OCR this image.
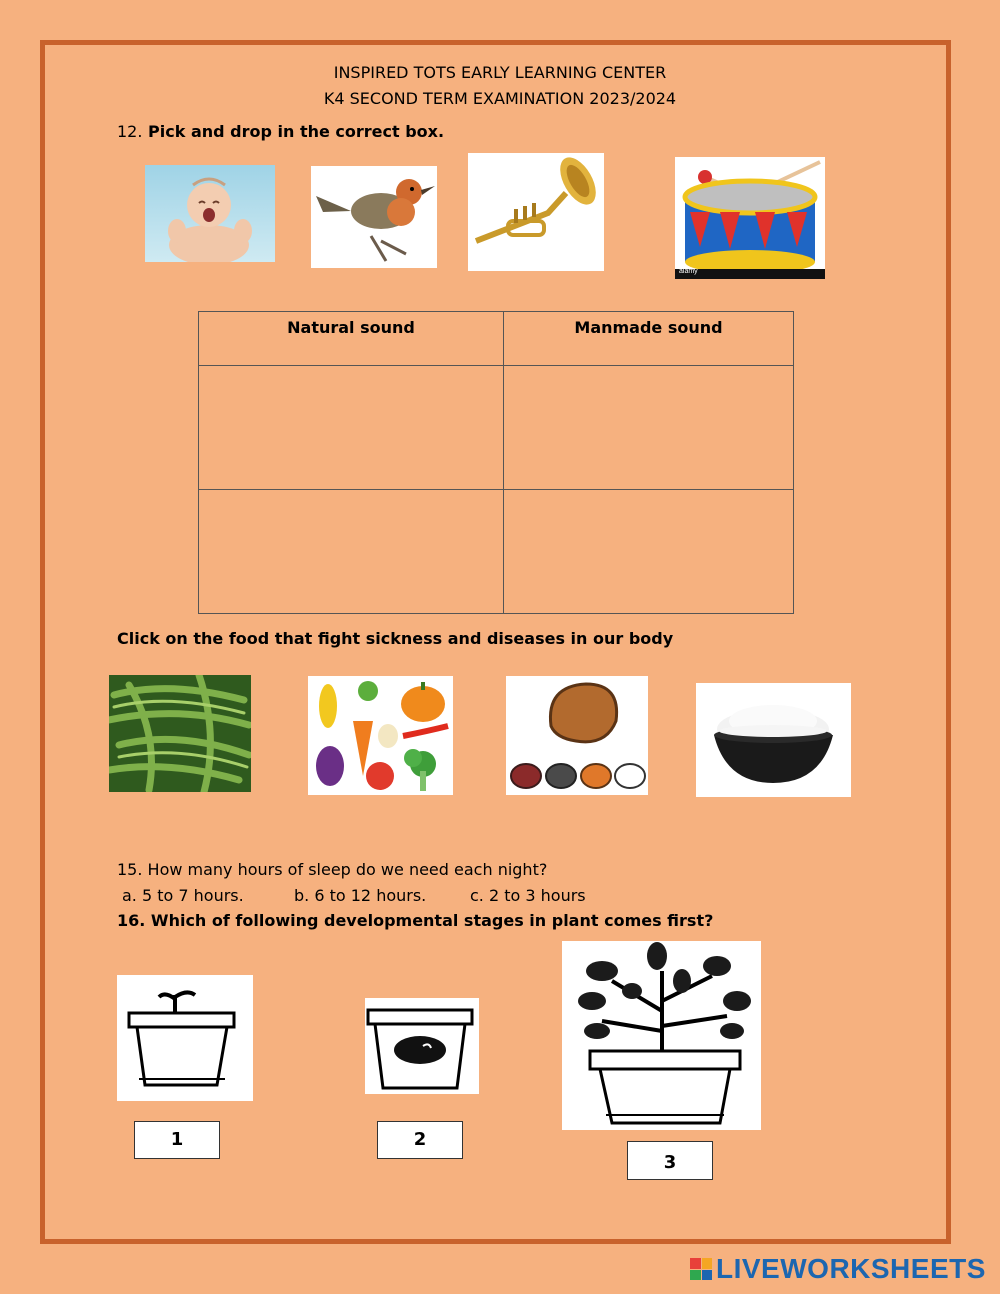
INSPIRED TOTS EARLY LEARNING CENTER
K4 SECOND TERM EXAMINATION 2023/2024
12. Pick and drop in the correct box.
alamy
Natural sound	Manmade sound

Click on the food that fight sickness and diseases in our body
15. How many hours of sleep do we need each night?
a. 5 to 7 hours.	b. 6 to 12 hours.	c. 2 to 3 hours
16. Which of following developmental stages in plant comes first?
1	2
3
LIVEWORKSHEETS
